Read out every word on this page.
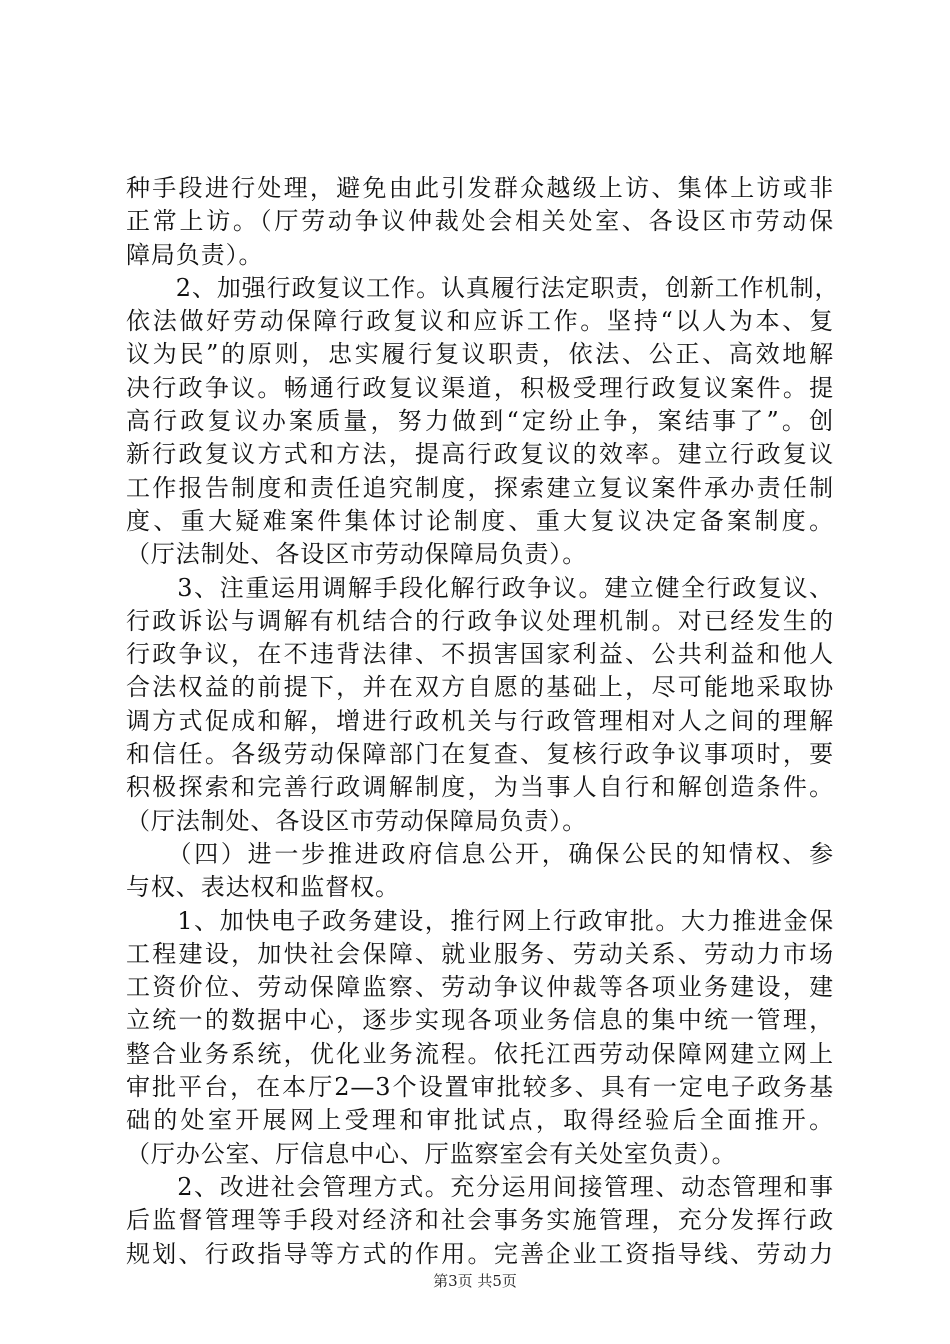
种手段进行处理，避免由此引发群众越级上访、集体上访或非
正常上访。（厅劳动争议仲裁处会相关处室、各设区市劳动保
障局负责）。
　　2、加强行政复议工作。认真履行法定职责，创新工作机制，
依法做好劳动保障行政复议和应诉工作。坚持“以人为本、复
议为民”的原则，忠实履行复议职责，依法、公正、高效地解
决行政争议。畅通行政复议渠道，积极受理行政复议案件。提
高行政复议办案质量，努力做到“定纷止争，案结事了”。创
新行政复议方式和方法，提高行政复议的效率。建立行政复议
工作报告制度和责任追究制度，探索建立复议案件承办责任制
度、重大疑难案件集体讨论制度、重大复议决定备案制度。
（厅法制处、各设区市劳动保障局负责）。
　　3、注重运用调解手段化解行政争议。建立健全行政复议、
行政诉讼与调解有机结合的行政争议处理机制。对已经发生的
行政争议，在不违背法律、不损害国家利益、公共利益和他人
合法权益的前提下，并在双方自愿的基础上，尽可能地采取协
调方式促成和解，增进行政机关与行政管理相对人之间的理解
和信任。各级劳动保障部门在复查、复核行政争议事项时，要
积极探索和完善行政调解制度，为当事人自行和解创造条件。
（厅法制处、各设区市劳动保障局负责）。
　　（四）进一步推进政府信息公开，确保公民的知情权、参
与权、表达权和监督权。
　　1、加快电子政务建设，推行网上行政审批。大力推进金保
工程建设，加快社会保障、就业服务、劳动关系、劳动力市场
工资价位、劳动保障监察、劳动争议仲裁等各项业务建设，建
立统一的数据中心，逐步实现各项业务信息的集中统一管理，
整合业务系统，优化业务流程。依托江西劳动保障网建立网上
审批平台，在本厅2—3个设置审批较多、具有一定电子政务基
础的处室开展网上受理和审批试点，取得经验后全面推开。
（厅办公室、厅信息中心、厅监察室会有关处室负责）。
　　2、改进社会管理方式。充分运用间接管理、动态管理和事
后监督管理等手段对经济和社会事务实施管理，充分发挥行政
规划、行政指导等方式的作用。完善企业工资指导线、劳动力
第3页 共5页
